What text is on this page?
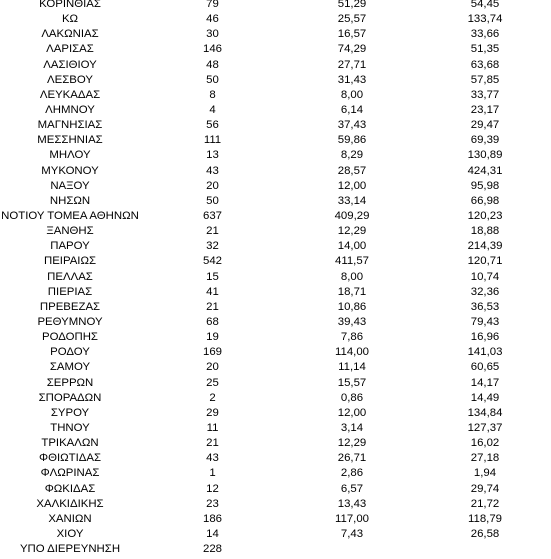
ΚΟΡΙΝΘΙΑΣ	79	51,29	54,45
ΚΩ	46	25,57	133,74
ΛΑΚΩΝΙΑΣ	30	16,57	33,66
ΛΑΡΙΣΑΣ	146	74,29	51,35
ΛΑΣΙΘΙΟΥ	48	27,71	63,68
ΛΕΣΒΟΥ	50	31,43	57,85
ΛΕΥΚΑΔΑΣ	8	8,00	33,77
ΛΗΜΝΟΥ	4	6,14	23,17
ΜΑΓΝΗΣΙΑΣ	56	37,43	29,47
ΜΕΣΣΗΝΙΑΣ	111	59,86	69,39
ΜΗΛΟΥ	13	8,29	130,89
ΜΥΚΟΝΟΥ	43	28,57	424,31
ΝΑΞΟΥ	20	12,00	95,98
ΝΗΣΩΝ	50	33,14	66,98
ΝΟΤΙΟΥ ΤΟΜΕΑ ΑΘΗΝΩΝ	637	409,29	120,23
ΞΑΝΘΗΣ	21	12,29	18,88
ΠΑΡΟΥ	32	14,00	214,39
ΠΕΙΡΑΙΩΣ	542	411,57	120,71
ΠΕΛΛΑΣ	15	8,00	10,74
ΠΙΕΡΙΑΣ	41	18,71	32,36
ΠΡΕΒΕΖΑΣ	21	10,86	36,53
ΡΕΘΥΜΝΟΥ	68	39,43	79,43
ΡΟΔΟΠΗΣ	19	7,86	16,96
ΡΟΔΟΥ	169	114,00	141,03
ΣΑΜΟΥ	20	11,14	60,65
ΣΕΡΡΩΝ	25	15,57	14,17
ΣΠΟΡΑΔΩΝ	2	0,86	14,49
ΣΥΡΟΥ	29	12,00	134,84
ΤΗΝΟΥ	11	3,14	127,37
ΤΡΙΚΑΛΩΝ	21	12,29	16,02
ΦΘΙΩΤΙΔΑΣ	43	26,71	27,18
ΦΛΩΡΙΝΑΣ	1	2,86	1,94
ΦΩΚΙΔΑΣ	12	6,57	29,74
ΧΑΛΚΙΔΙΚΗΣ	23	13,43	21,72
ΧΑΝΙΩΝ	186	117,00	118,79
ΧΙΟΥ	14	7,43	26,58
ΥΠΟ ΔΙΕΡΕΥΝΗΣΗ	228
